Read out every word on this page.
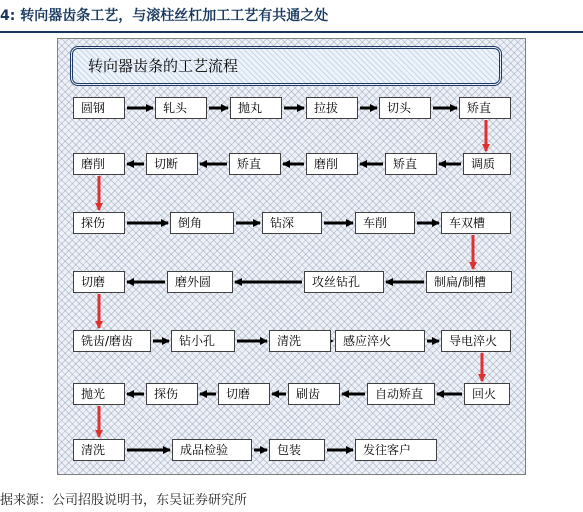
4: 转向器齿条工艺，与滚柱丝杠加工工艺有共通之处
转向器齿条的工艺流程
圆钢	轧头	抛丸	拉拔	切头	矫直
磨削	切断	矫直	磨削	矫直	调质
探伤	倒角	钻深	车削	车双槽
切磨	磨外圆	攻丝钻孔	制扁/制槽
铣齿/磨齿	钻小孔	清洗	感应淬火	导电淬火
抛光	探伤	切磨	刷齿	自动矫直	回火
清洗	成品检验	包装	发往客户
据来源：公司招股说明书，东吴证券研究所
